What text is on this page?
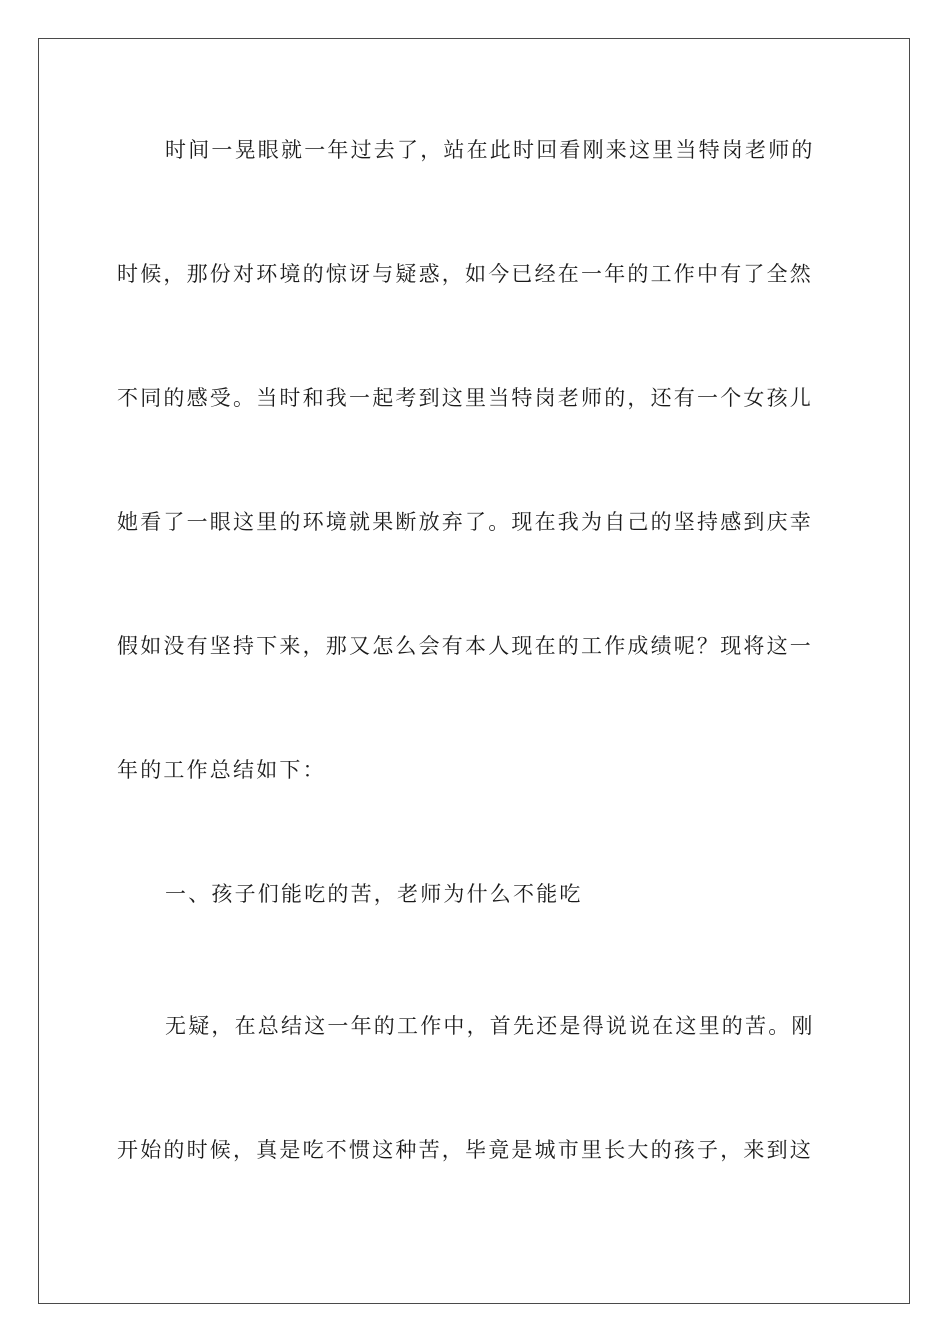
时间一晃眼就一年过去了，站在此时回看刚来这里当特岗老师的
时候，那份对环境的惊讶与疑惑，如今已经在一年的工作中有了全然
不同的感受。当时和我一起考到这里当特岗老师的，还有一个女孩儿
她看了一眼这里的环境就果断放弃了。现在我为自己的坚持感到庆幸
假如没有坚持下来，那又怎么会有本人现在的工作成绩呢？现将这一
年的工作总结如下：
一、孩子们能吃的苦，老师为什么不能吃
无疑，在总结这一年的工作中，首先还是得说说在这里的苦。刚
开始的时候，真是吃不惯这种苦，毕竟是城市里长大的孩子，来到这
